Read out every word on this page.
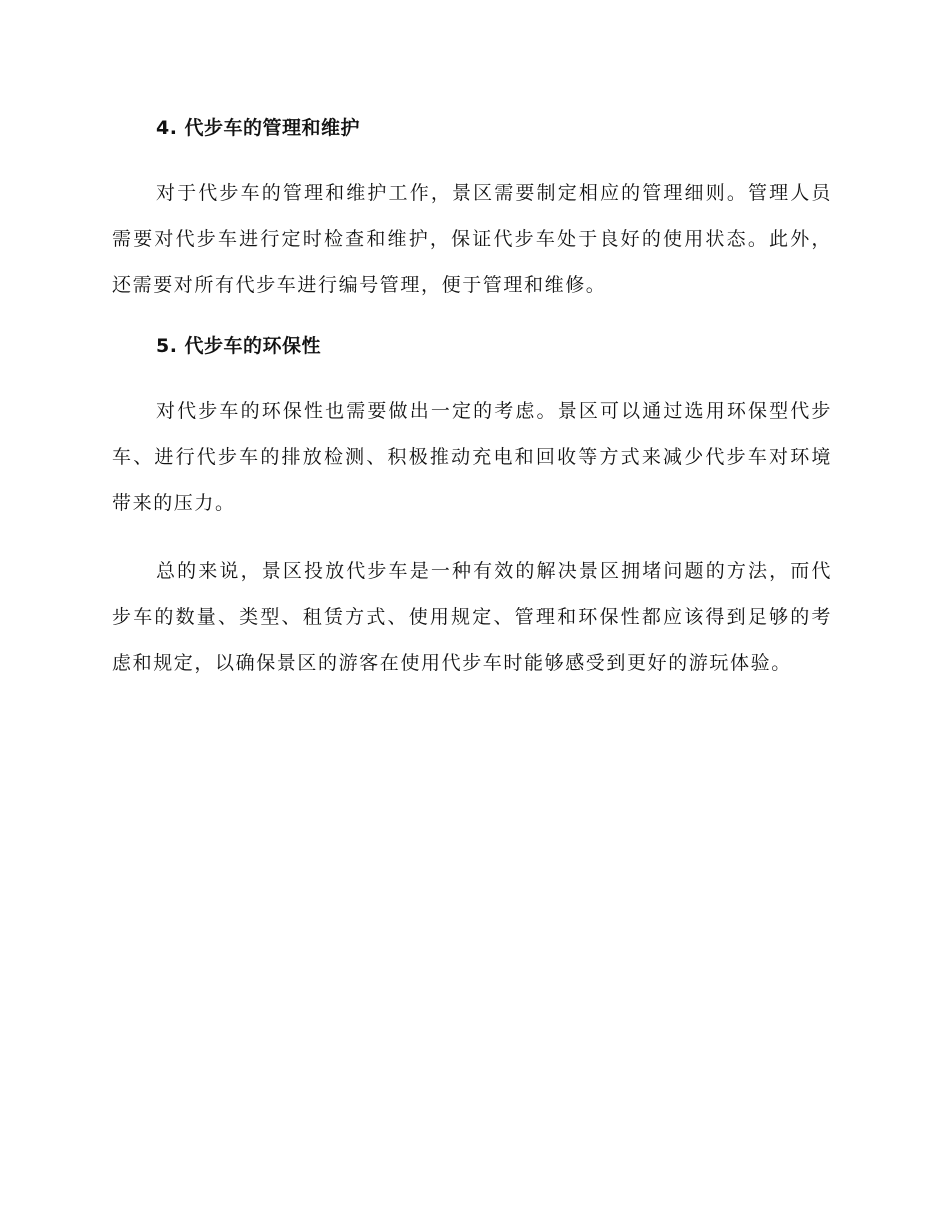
4. 代步车的管理和维护

对于代步车的管理和维护工作，景区需要制定相应的管理细则。管理人员需要对代步车进行定时检查和维护，保证代步车处于良好的使用状态。此外，还需要对所有代步车进行编号管理，便于管理和维修。

5. 代步车的环保性

对代步车的环保性也需要做出一定的考虑。景区可以通过选用环保型代步车、进行代步车的排放检测、积极推动充电和回收等方式来减少代步车对环境带来的压力。

总的来说，景区投放代步车是一种有效的解决景区拥堵问题的方法，而代步车的数量、类型、租赁方式、使用规定、管理和环保性都应该得到足够的考虑和规定，以确保景区的游客在使用代步车时能够感受到更好的游玩体验。
